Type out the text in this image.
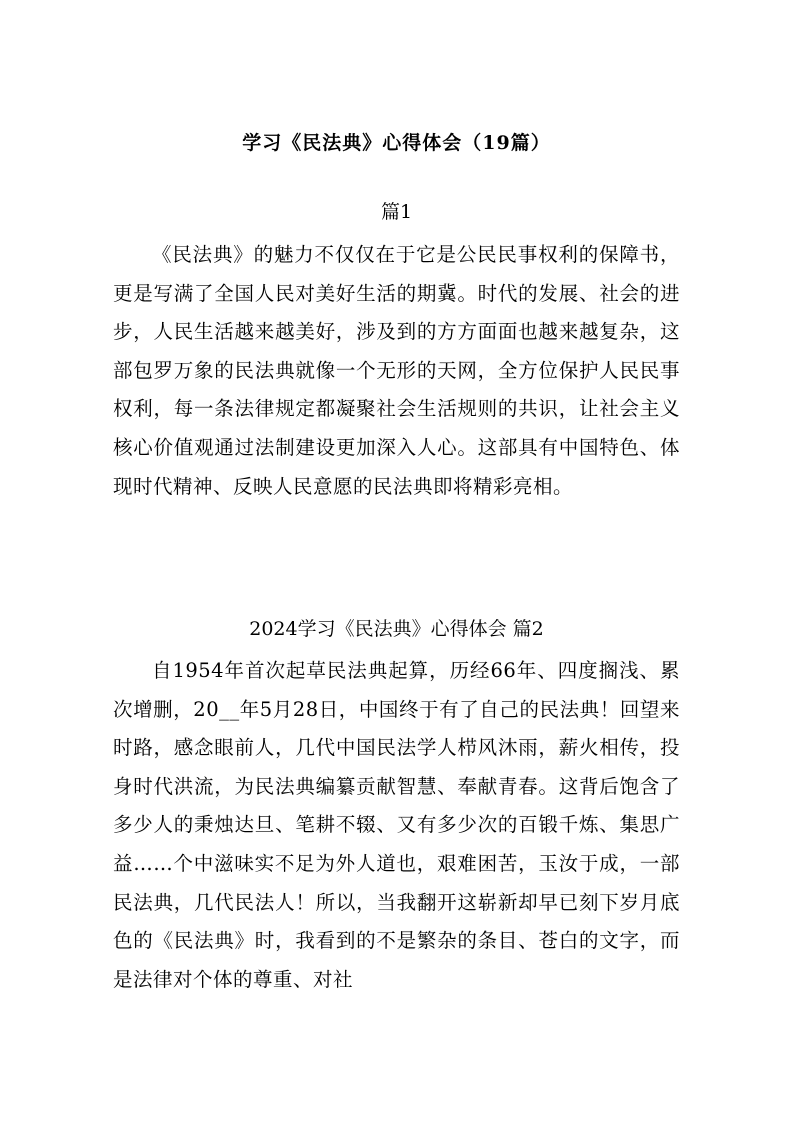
学习《民法典》心得体会（19篇）
篇1

《民法典》的魅力不仅仅在于它是公民民事权利的保障书，更是写满了全国人民对美好生活的期冀。时代的发展、社会的进步，人民生活越来越美好，涉及到的方方面面也越来越复杂，这部包罗万象的民法典就像一个无形的天网，全方位保护人民民事权利，每一条法律规定都凝聚社会生活规则的共识，让社会主义核心价值观通过法制建设更加深入人心。这部具有中国特色、体现时代精神、反映人民意愿的民法典即将精彩亮相。

2024学习《民法典》心得体会 篇2

自1954年首次起草民法典起算，历经66年、四度搁浅、累次增删，20__年5月28日，中国终于有了自己的民法典！回望来时路，感念眼前人，几代中国民法学人栉风沐雨，薪火相传，投身时代洪流，为民法典编纂贡献智慧、奉献青春。这背后饱含了多少人的秉烛达旦、笔耕不辍、又有多少次的百锻千炼、集思广益……个中滋味实不足为外人道也，艰难困苦，玉汝于成，一部民法典，几代民法人！所以，当我翻开这崭新却早已刻下岁月底色的《民法典》时，我看到的不是繁杂的条目、苍白的文字，而是法律对个体的尊重、对社
